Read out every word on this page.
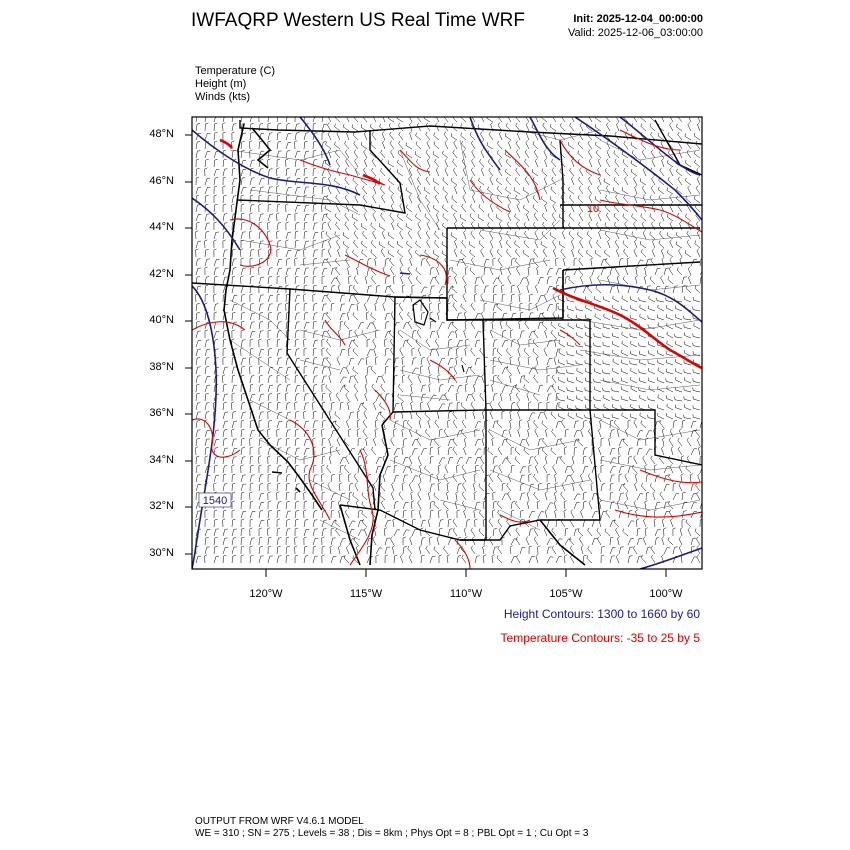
IWFAQRP Western US Real Time WRF	Init: 2025-12-04_00:00:00
Valid: 2025-12-06_03:00:00
Temperature (C)
Height (m)
Winds (kts)
1540
10
48°N
46°N
44°N
42°N
40°N
38°N
36°N
34°N
32°N
30°N
120°W	115°W	110°W	105°W	100°W
Height Contours: 1300 to 1660 by 60
Temperature Contours: -35 to 25 by 5
OUTPUT FROM WRF V4.6.1 MODEL
WE = 310 ; SN = 275 ; Levels = 38 ; Dis = 8km ; Phys Opt = 8 ; PBL Opt = 1 ; Cu Opt = 3
